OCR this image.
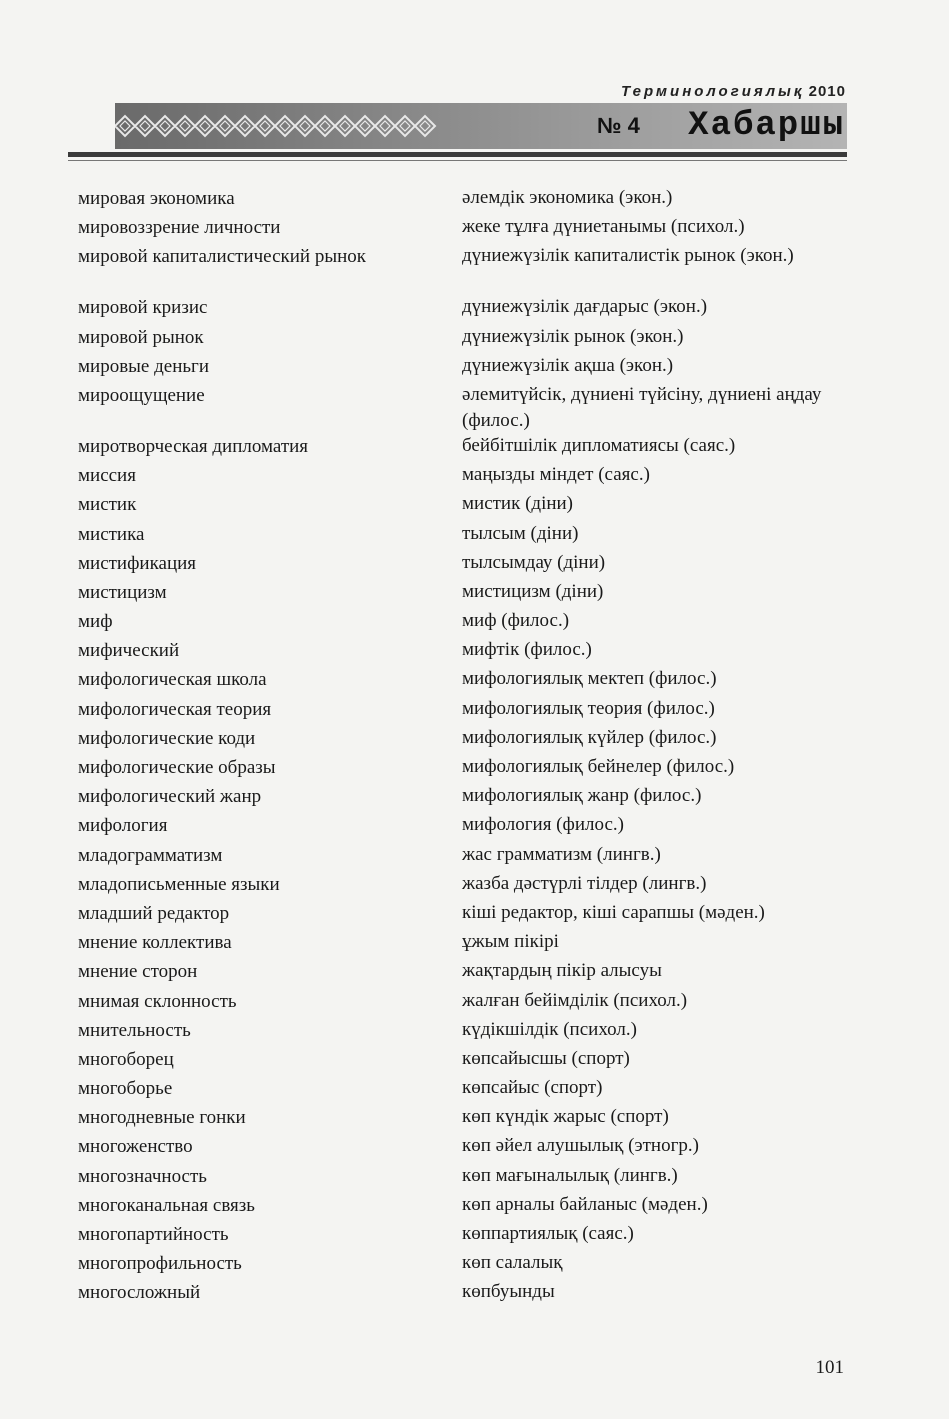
Терминологиялық 2010
№ 4 Хабаршы
мировая экономика	әлемдік экономика (экон.)
мировоззрение личности	жеке тұлға дүниетанымы (психол.)
мировой капиталистический рынок	дүниежүзілік капиталистік рынок (экон.)
мировой кризис	дүниежүзілік дағдарыс (экон.)
мировой рынок	дүниежүзілік рынок (экон.)
мировые деньги	дүниежүзілік ақша (экон.)
мироощущение	әлемитүйсік, дүниені түйсіну, дүниені аңдау (филос.)
миротворческая дипломатия	бейбітшілік дипломатиясы (саяс.)
миссия	маңызды міндет (саяс.)
мистик	мистик (діни)
мистика	тылсым (діни)
мистификация	тылсымдау (діни)
мистицизм	мистицизм (діни)
миф	миф (филос.)
мифический	мифтік (филос.)
мифологическая школа	мифологиялық мектеп (филос.)
мифологическая теория	мифологиялық теория (филос.)
мифологические коди	мифологиялық күйлер (филос.)
мифологические образы	мифологиялық бейнелер (филос.)
мифологический жанр	мифологиялық жанр (филос.)
мифология	мифология (филос.)
младограмматизм	жас грамматизм (лингв.)
младописьменные языки	жазба дәстүрлі тілдер (лингв.)
младший редактор	кіші редактор, кіші сарапшы (мәден.)
мнение коллектива	ұжым пікірі
мнение сторон	жақтардың пікір алысуы
мнимая склонность	жалған бейімділік (психол.)
мнительность	күдікшілдік (психол.)
многоборец	көпсайысшы (спорт)
многоборье	көпсайыс (спорт)
многодневные гонки	көп күндік жарыс (спорт)
многоженство	көп әйел алушылық (этногр.)
многозначность	көп мағыналылық (лингв.)
многоканальная связь	көп арналы байланыс (мәден.)
многопартийность	көппартиялық (саяс.)
многопрофильность	көп салалық
многосложный	көпбуынды
101
